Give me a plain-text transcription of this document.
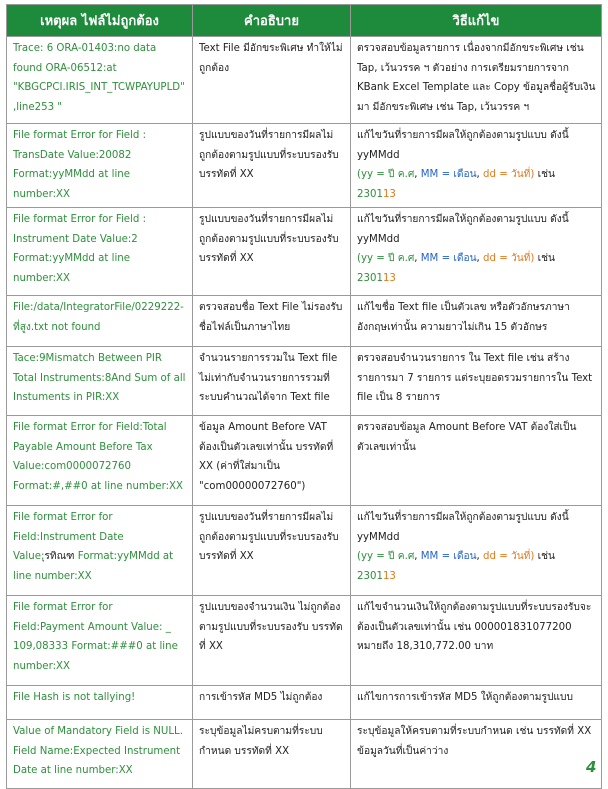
เหตุผล ไฟล์ไม่ถูกต้อง	คำอธิบาย	วิธีแก้ไข
Trace: 6 ORA-01403:no data found ORA-06512:at "KBGCPCI.IRIS_INT_TCWPAYUPLD",line253 "	Text File มีอักขระพิเศษ ทำให้ไม่ถูกต้อง	ตรวจสอบข้อมูลรายการ เนื่องจากมีอักขระพิเศษ เช่น Tap, เว้นวรรค ฯ ตัวอย่าง การเตรียมรายการจาก KBank Excel Template และ Copy ข้อมูลชื่อผู้รับเงินมา มีอักขระพิเศษ เช่น Tap, เว้นวรรค ฯ
File format Error for Field : TransDate Value:20082 Format:yyMMdd at line number:XX	รูปแบบของวันที่รายการมีผลไม่ถูกต้องตามรูปแบบที่ระบบรองรับ บรรทัดที่ XX	แก้ไขวันที่รายการมีผลให้ถูกต้องตามรูปแบบ ดังนี้ yyMMdd
(yy = ปี ค.ศ, MM = เดือน, dd = วันที่) เช่น 230113

File format Error for Field : Instrument Date Value:2 Format:yyMMdd at line number:XX	รูปแบบของวันที่รายการมีผลไม่ถูกต้องตามรูปแบบที่ระบบรองรับ บรรทัดที่ XX	แก้ไขวันที่รายการมีผลให้ถูกต้องตามรูปแบบ ดังนี้ yyMMdd
(yy = ปี ค.ศ, MM = เดือน, dd = วันที่) เช่น 230113

File:/data/IntegratorFile/0229222-ที่สูง.txt not found	ตรวจสอบชื่อ Text File ไม่รองรับชื่อไฟล์เป็นภาษาไทย	แก้ไขชื่อ Text file เป็นตัวเลข หรือตัวอักษรภาษาอังกฤษเท่านั้น ความยาวไม่เกิน 15 ตัวอักษร
Tace:9Mismatch Between PIR Total Instruments:8And Sum of all Instuments in PIR:XX	จำนวนรายการรวมใน Text file ไม่เท่ากับจำนวนรายการรวมที่ระบบคำนวณได้จาก Text file	ตรวจสอบจำนวนรายการ ใน Text file เช่น สร้างรายการมา 7 รายการ แต่ระบุยอดรวมรายการใน Text file เป็น 8 รายการ
File format Error for Field:Total Payable Amount Before Tax Value:com0000072760 Format:#,##0 at line number:XX	ข้อมูล Amount Before VAT ต้องเป็นตัวเลขเท่านั้น บรรทัดที่ XX (ค่าที่ใส่มาเป็น "com00000072760")	ตรวจสอบข้อมูล Amount Before VAT ต้องใส่เป็นตัวเลขเท่านั้น
File format Error for Field:Instrument Date Value:ุรทิณฑ Format:yyMMdd at line number:XX	รูปแบบของวันที่รายการมีผลไม่ถูกต้องตามรูปแบบที่ระบบรองรับ บรรทัดที่ XX	แก้ไขวันที่รายการมีผลให้ถูกต้องตามรูปแบบ ดังนี้ yyMMdd
(yy = ปี ค.ศ, MM = เดือน, dd = วันที่) เช่น 230113

File format Error for Field:Payment Amount Value: _ 109,08333 Format:###0 at line number:XX	รูปแบบของจำนวนเงิน ไม่ถูกต้องตามรูปแบบที่ระบบรองรับ บรรทัดที่ XX	แก้ไขจำนวนเงินให้ถูกต้องตามรูปแบบที่ระบบรองรับจะต้องเป็นตัวเลขเท่านั้น เช่น 000001831077200 หมายถึง 18,310,772.00 บาท
File Hash is not tallying!	การเข้ารหัส MD5 ไม่ถูกต้อง	แก้ไขการการเข้ารหัส MD5 ให้ถูกต้องตามรูปแบบ
Value of Mandatory Field is NULL. Field Name:Expected Instrument Date at line number:XX	ระบุข้อมูลไม่ครบตามที่ระบบกำหนด บรรทัดที่ XX	ระบุข้อมูลให้ครบตามที่ระบบกำหนด เช่น บรรทัดที่ XX ข้อมูลวันที่เป็นค่าว่าง
4
